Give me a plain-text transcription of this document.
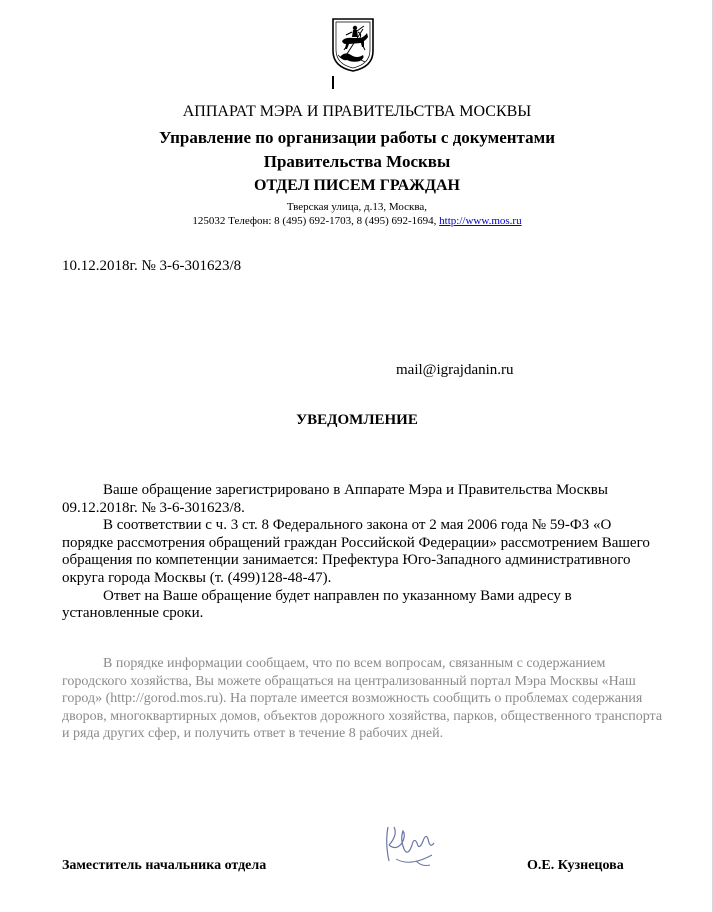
АППАРАТ МЭРА И ПРАВИТЕЛЬСТВА МОСКВЫ
Управление по организации работы с документами
Правительства Москвы
ОТДЕЛ ПИСЕМ ГРАЖДАН
Тверская улица, д.13, Москва,
125032 Телефон: 8 (495) 692-1703, 8 (495) 692-1694, http://www.mos.ru
10.12.2018г. № 3-6-301623/8
mail@igrajdanin.ru
УВЕДОМЛЕНИЕ

Ваше обращение зарегистрировано в Аппарате Мэра и Правительства Москвы 09.12.2018г. № 3-6-301623/8.

В соответствии с ч. 3 ст. 8 Федерального закона от 2 мая 2006 года № 59-ФЗ «О порядке рассмотрения обращений граждан Российской Федерации» рассмотрением Вашего обращения по компетенции занимается: Префектура Юго-Западного административного округа города Москвы (т. (499)128-48-47).

Ответ на Ваше обращение будет направлен по указанному Вами адресу в установленные сроки.

В порядке информации сообщаем, что по всем вопросам, связанным с содержанием городского хозяйства, Вы можете обращаться на централизованный портал Мэра Москвы «Наш город» (http://gorod.mos.ru). На портале имеется возможность сообщить о проблемах содержания дворов, многоквартирных домов, объектов дорожного хозяйства, парков, общественного транспорта и ряда других сфер, и получить ответ в течение 8 рабочих дней.

Заместитель начальника отдела	О.Е. Кузнецова
